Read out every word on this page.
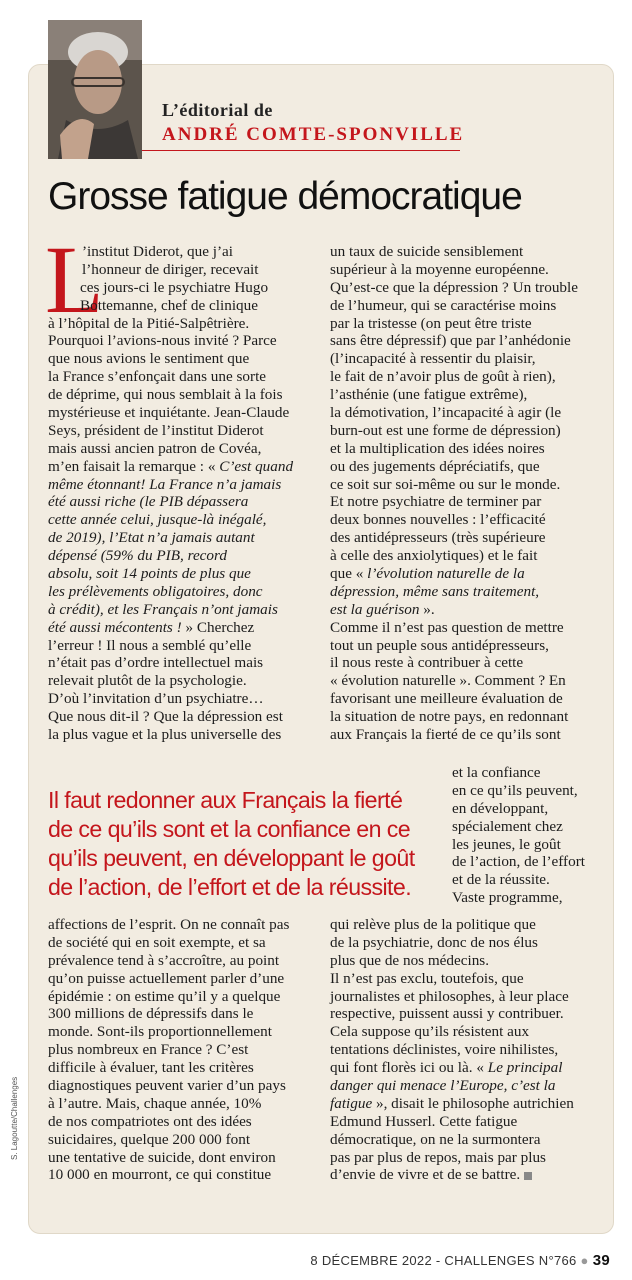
L’éditorial de
ANDRÉ COMTE-SPONVILLE
Grosse fatigue démocratique
L
’institut Diderot, que j’ai
l’honneur de diriger, recevait
ces jours-ci le psychiatre Hugo
Bottemanne, chef de clinique
à l’hôpital de la Pitié-Salpêtrière.
Pourquoi l’avions-nous invité ? Parce
que nous avions le sentiment que
la France s’enfonçait dans une sorte
de déprime, qui nous semblait à la fois
mystérieuse et inquiétante. Jean-Claude
Seys, président de l’institut Diderot
mais aussi ancien patron de Covéa,
m’en faisait la remarque : « C’est quand
même étonnant! La France n’a jamais
été aussi riche (le PIB dépassera
cette année celui, jusque-là inégalé,
de 2019), l’Etat n’a jamais autant
dépensé (59% du PIB, record
absolu, soit 14 points de plus que
les prélèvements obligatoires, donc
à crédit), et les Français n’ont jamais
été aussi mécontents ! » Cherchez
l’erreur ! Il nous a semblé qu’elle
n’était pas d’ordre intellectuel mais
relevait plutôt de la psychologie.
D’où l’invitation d’un psychiatre…
Que nous dit-il ? Que la dépression est
la plus vague et la plus universelle des
un taux de suicide sensiblement
supérieur à la moyenne européenne.
Qu’est-ce que la dépression ? Un trouble
de l’humeur, qui se caractérise moins
par la tristesse (on peut être triste
sans être dépressif) que par l’anhédonie
(l’incapacité à ressentir du plaisir,
le fait de n’avoir plus de goût à rien),
l’asthénie (une fatigue extrême),
la démotivation, l’incapacité à agir (le
burn-out est une forme de dépression)
et la multiplication des idées noires
ou des jugements dépréciatifs, que
ce soit sur soi-même ou sur le monde.
Et notre psychiatre de terminer par
deux bonnes nouvelles : l’efficacité
des antidépresseurs (très supérieure
à celle des anxiolytiques) et le fait
que « l’évolution naturelle de la
dépression, même sans traitement,
est la guérison ».
Comme il n’est pas question de mettre
tout un peuple sous antidépresseurs,
il nous reste à contribuer à cette
« évolution naturelle ». Comment ? En
favorisant une meilleure évaluation de
la situation de notre pays, en redonnant
aux Français la fierté de ce qu’ils sont
et la confiance
en ce qu’ils peuvent,
en développant,
spécialement chez
les jeunes, le goût
de l’action, de l’effort
et de la réussite.
Vaste programme,
Il faut redonner aux Français la fierté
de ce qu’ils sont et la confiance en ce
qu’ils peuvent, en développant le goût
de l’action, de l’effort et de la réussite.
affections de l’esprit. On ne connaît pas
de société qui en soit exempte, et sa
prévalence tend à s’accroître, au point
qu’on puisse actuellement parler d’une
épidémie : on estime qu’il y a quelque
300 millions de dépressifs dans le
monde. Sont-ils proportionnellement
plus nombreux en France ? C’est
difficile à évaluer, tant les critères
diagnostiques peuvent varier d’un pays
à l’autre. Mais, chaque année, 10%
de nos compatriotes ont des idées
suicidaires, quelque 200 000 font
une tentative de suicide, dont environ
10 000 en mourront, ce qui constitue
qui relève plus de la politique que
de la psychiatrie, donc de nos élus
plus que de nos médecins.
Il n’est pas exclu, toutefois, que
journalistes et philosophes, à leur place
respective, puissent aussi y contribuer.
Cela suppose qu’ils résistent aux
tentations déclinistes, voire nihilistes,
qui font florès ici ou là. « Le principal
danger qui menace l’Europe, c’est la
fatigue », disait le philosophe autrichien
Edmund Husserl. Cette fatigue
démocratique, on ne la surmontera
pas par plus de repos, mais par plus
d’envie de vivre et de se battre.
S. Lagoutte/Challenges
8 DÉCEMBRE 2022 - CHALLENGES N°766 ● 39
